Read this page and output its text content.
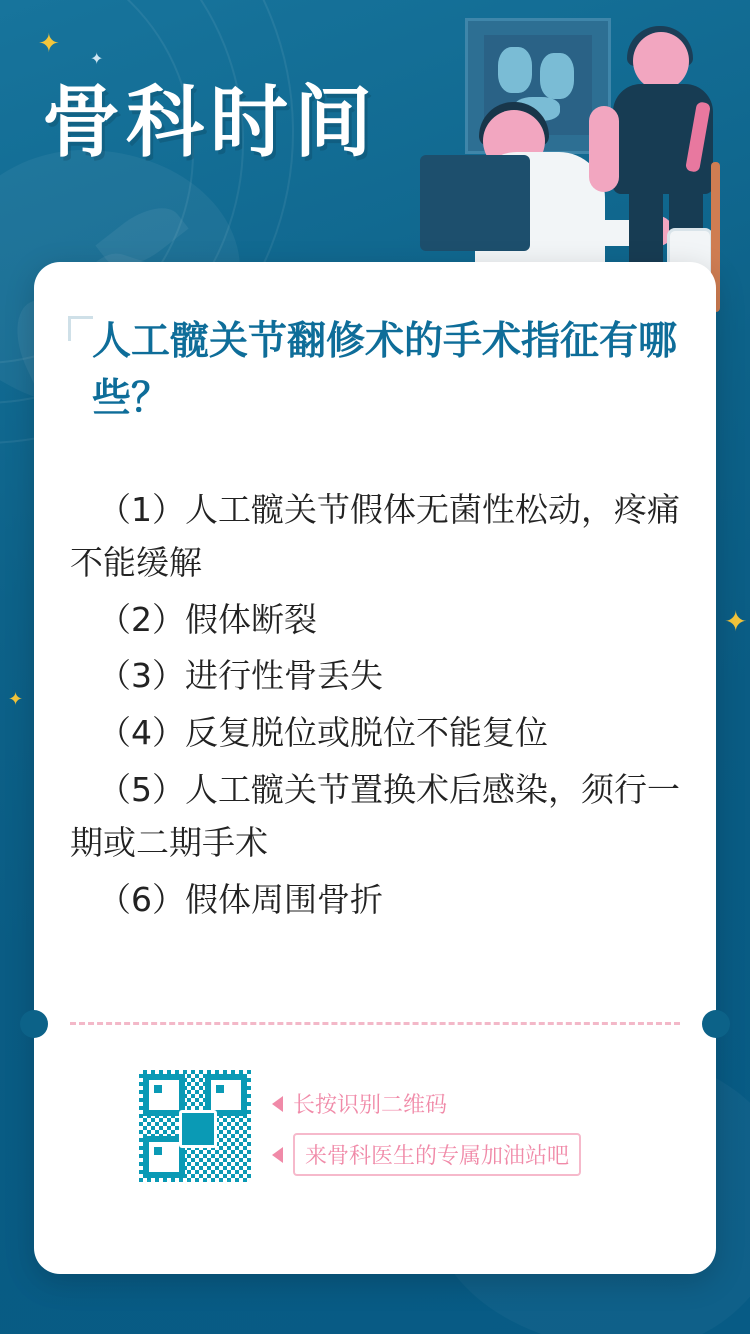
✦
✦
✦
✦
骨科时间
人工髋关节翻修术的手术指征有哪些？
（1）人工髋关节假体无菌性松动，疼痛不能缓解
（2）假体断裂
（3）进行性骨丢失
（4）反复脱位或脱位不能复位
（5）人工髋关节置换术后感染，须行一期或二期手术
（6）假体周围骨折
长按识别二维码
来骨科医生的专属加油站吧
